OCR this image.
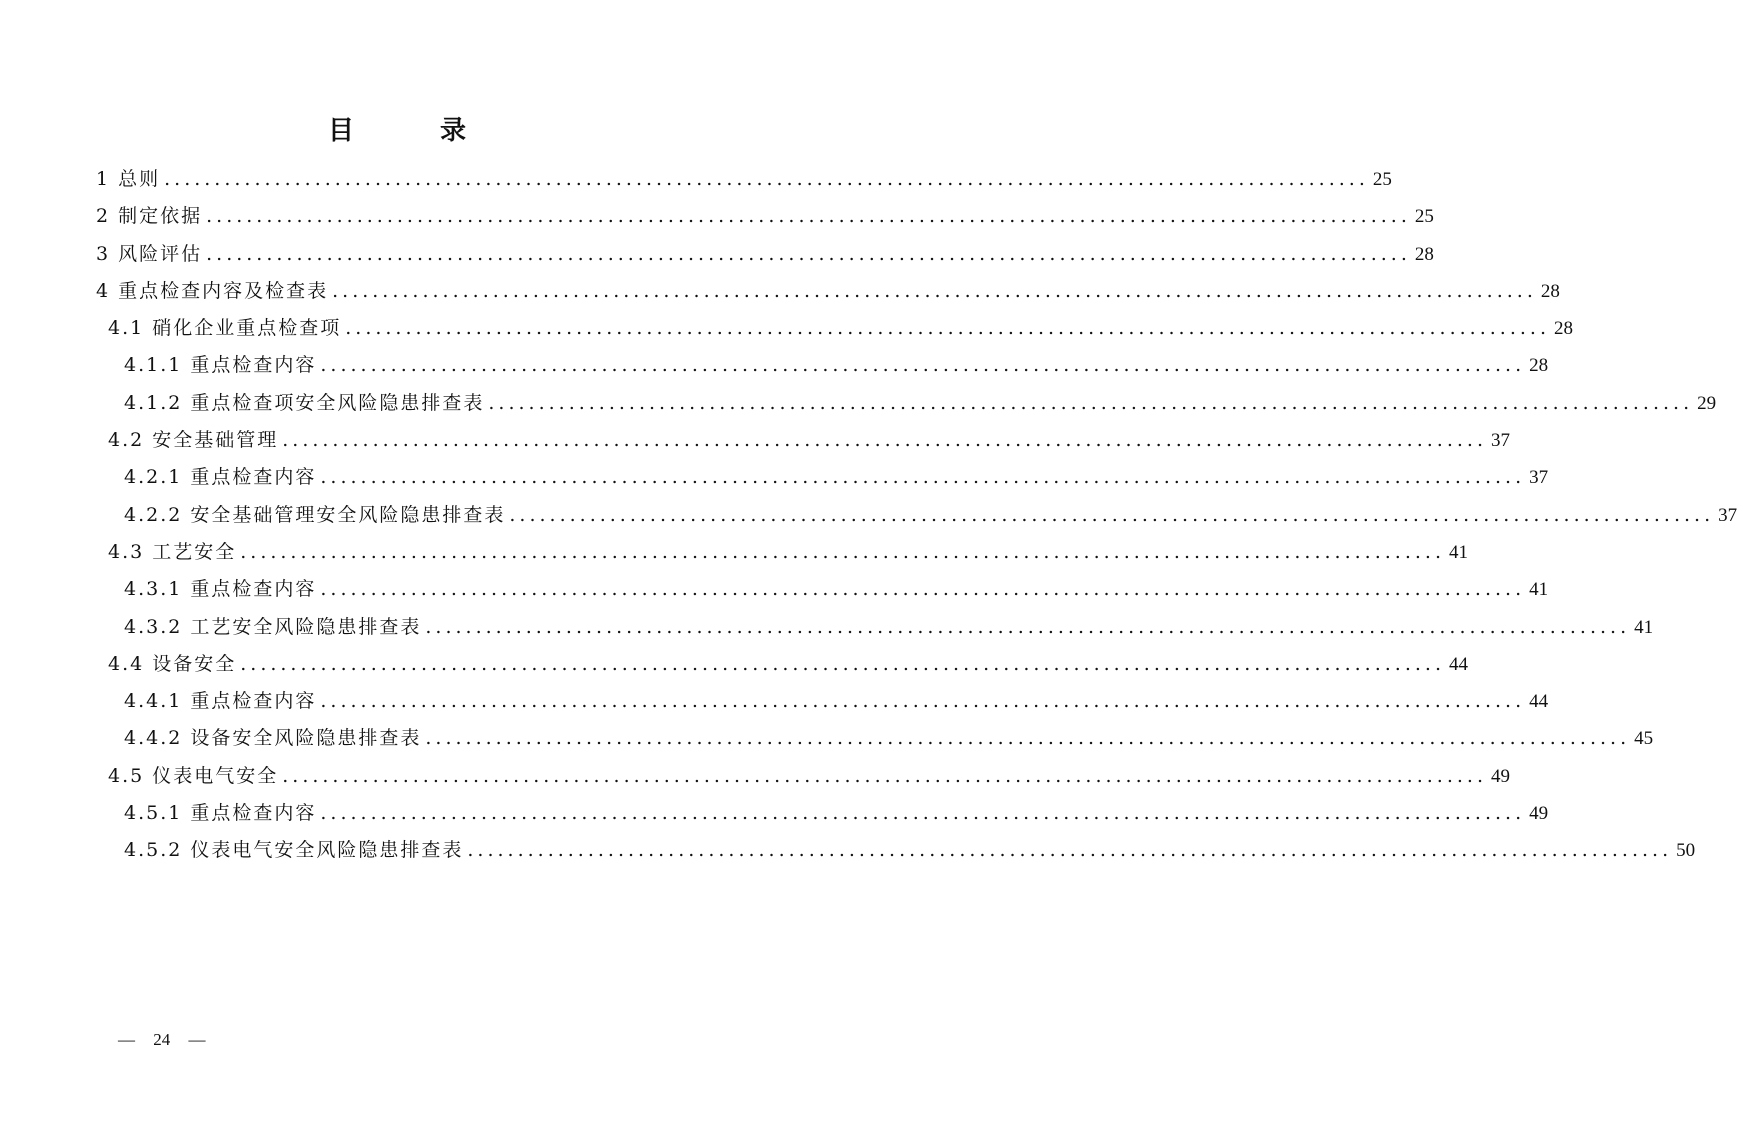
目　录
1 总则 ........................................................................................................................ 25
2 制定依据 ........................................................................................................................ 25
3 风险评估 ........................................................................................................................ 28
4 重点检查内容及检查表 ........................................................................................................................ 28
4.1 硝化企业重点检查项 ........................................................................................................................ 28
4.1.1 重点检查内容 ........................................................................................................................ 28
4.1.2 重点检查项安全风险隐患排查表 ........................................................................................................................ 29
4.2 安全基础管理 ........................................................................................................................ 37
4.2.1 重点检查内容 ........................................................................................................................ 37
4.2.2 安全基础管理安全风险隐患排查表 ........................................................................................................................ 37
4.3 工艺安全 ........................................................................................................................ 41
4.3.1 重点检查内容 ........................................................................................................................ 41
4.3.2 工艺安全风险隐患排查表 ........................................................................................................................ 41
4.4 设备安全 ........................................................................................................................ 44
4.4.1 重点检查内容 ........................................................................................................................ 44
4.4.2 设备安全风险隐患排查表 ........................................................................................................................ 45
4.5 仪表电气安全 ........................................................................................................................ 49
4.5.1 重点检查内容 ........................................................................................................................ 49
4.5.2 仪表电气安全风险隐患排查表 ........................................................................................................................ 50
— 24 —
